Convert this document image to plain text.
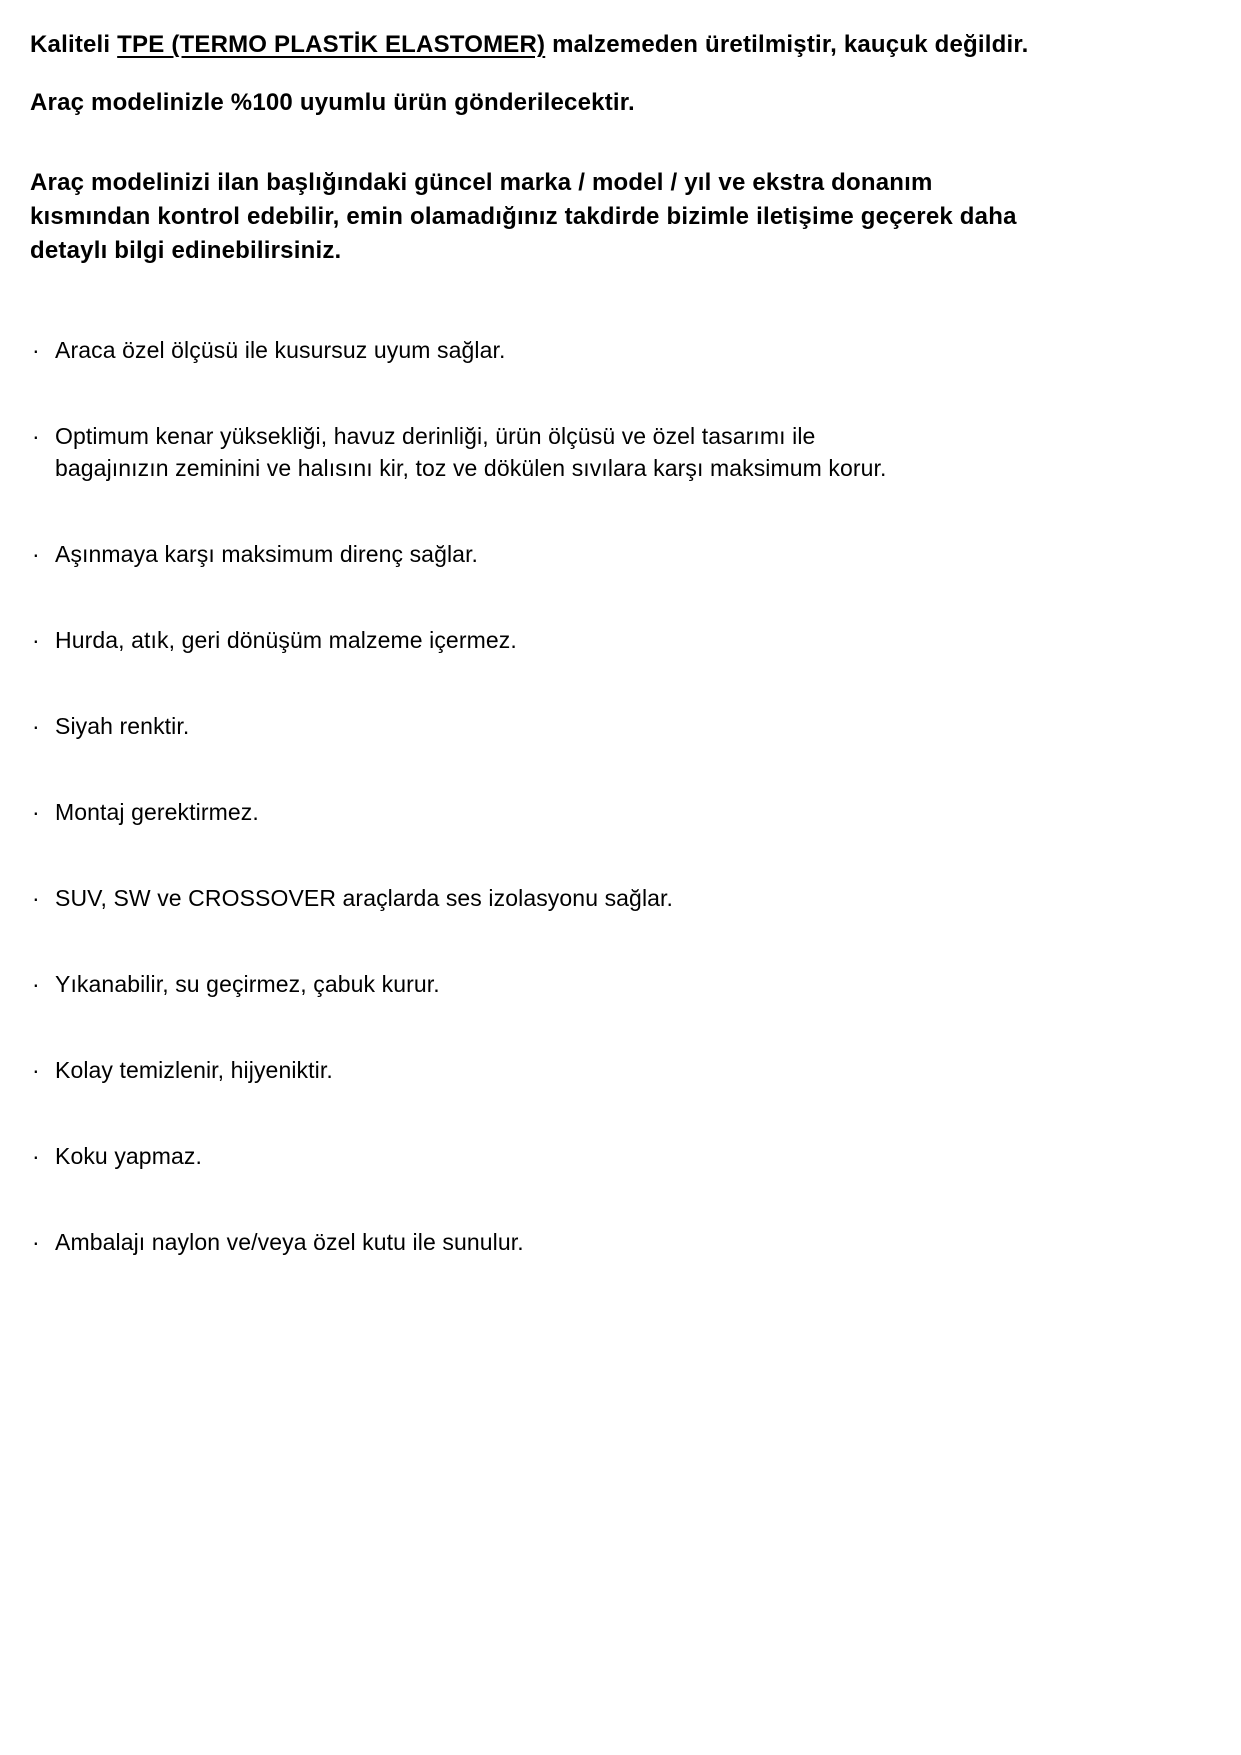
Kaliteli TPE (TERMO PLASTİK ELASTOMER) malzemeden üretilmiştir, kauçuk değildir.

Araç modelinizle %100 uyumlu ürün gönderilecektir.

Araç modelinizi ilan başlığındaki güncel marka / model / yıl ve ekstra donanım
kısmından kontrol edebilir, emin olamadığınız takdirde bizimle iletişime geçerek daha
detaylı bilgi edinebilirsiniz.

· Araca özel ölçüsü ile kusursuz uyum sağlar.
· Optimum kenar yüksekliği, havuz derinliği, ürün ölçüsü ve özel tasarımı ile
bagajınızın zeminini ve halısını kir, toz ve dökülen sıvılara karşı maksimum korur.
· Aşınmaya karşı maksimum direnç sağlar.
· Hurda, atık, geri dönüşüm malzeme içermez.
· Siyah renktir.
· Montaj gerektirmez.
· SUV, SW ve CROSSOVER araçlarda ses izolasyonu sağlar.
· Yıkanabilir, su geçirmez, çabuk kurur.
· Kolay temizlenir, hijyeniktir.
· Koku yapmaz.
· Ambalajı naylon ve/veya özel kutu ile sunulur.
